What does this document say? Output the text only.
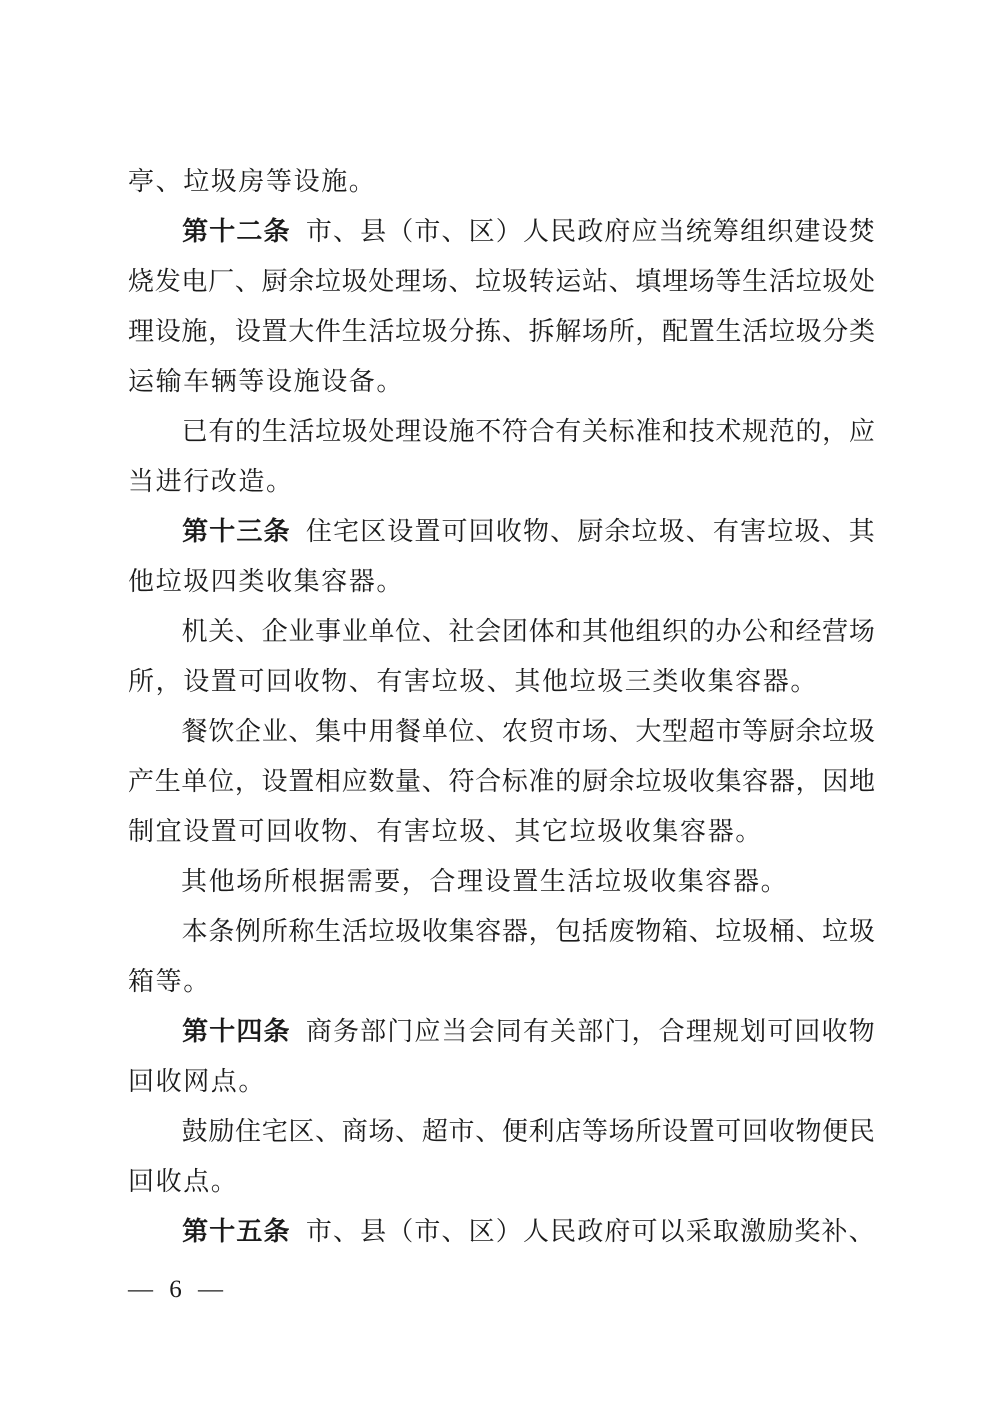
亭、垃圾房等设施。
第 十 二 条 市 、 县 （ 市 、 区 ） 人 民 政 府 应 当 统 筹 组 织 建 设 焚
烧 发 电 厂 、 厨 余 垃 圾 处 理 场 、 垃 圾 转 运 站 、 填 埋 场 等 生 活 垃 圾 处
理 设 施 ， 设 置 大 件 生 活 垃 圾 分 拣 、 拆 解 场 所 ， 配 置 生 活 垃 圾 分 类
运输车辆等设施设备。
已 有 的 生 活 垃 圾 处 理 设 施 不 符 合 有 关 标 准 和 技 术 规 范 的 ， 应
当进行改造。
第 十 三 条 住 宅 区 设 置 可 回 收 物 、 厨 余 垃 圾 、 有 害 垃 圾 、 其
他垃圾四类收集容器。
机 关 、 企 业 事 业 单 位 、 社 会 团 体 和 其 他 组 织 的 办 公 和 经 营 场
所，设置可回收物、有害垃圾、其他垃圾三类收集容器。
餐 饮 企 业 、 集 中 用 餐 单 位 、 农 贸 市 场 、 大 型 超 市 等 厨 余 垃 圾
产 生 单 位 ， 设 置 相 应 数 量 、 符 合 标 准 的 厨 余 垃 圾 收 集 容 器 ， 因 地
制宜设置可回收物、有害垃圾、其它垃圾收集容器。
其他场所根据需要，合理设置生活垃圾收集容器。
本 条 例 所 称 生 活 垃 圾 收 集 容 器 ， 包 括 废 物 箱 、 垃 圾 桶 、 垃 圾
箱等。
第 十 四 条 商 务 部 门 应 当 会 同 有 关 部 门 ， 合 理 规 划 可 回 收 物
回收网点。
鼓 励 住 宅 区 、 商 场 、 超 市 、 便 利 店 等 场 所 设 置 可 回 收 物 便 民
回收点。
第 十 五 条 市 、 县 （ 市 、 区 ） 人 民 政 府 可 以 采 取 激 励 奖 补 、
— 6 —
